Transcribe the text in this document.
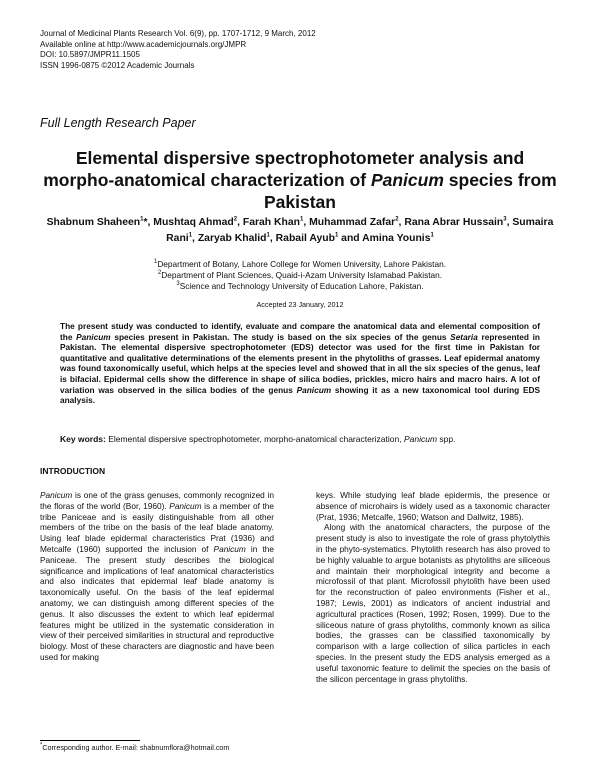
Journal of Medicinal Plants Research Vol. 6(9), pp. 1707-1712, 9 March, 2012
Available online at http://www.academicjournals.org/JMPR
DOI: 10.5897/JMPR11.1505
ISSN 1996-0875 ©2012 Academic Journals
Full Length Research Paper
Elemental dispersive spectrophotometer analysis and morpho-anatomical characterization of Panicum species from Pakistan
Shabnum Shaheen$^1$*, Mushtaq Ahmad$^2$, Farah Khan$^1$, Muhammad Zafar$^2$, Rana Abrar Hussain$^3$, Sumaira Rani$^1$, Zaryab Khalid$^1$, Rabail Ayub$^1$ and Amina Younis$^1$
$^1$Department of Botany, Lahore College for Women University, Lahore Pakistan.
$^2$Department of Plant Sciences, Quaid-i-Azam University Islamabad Pakistan.
$^3$Science and Technology University of Education Lahore, Pakistan.
Accepted 23 January, 2012
The present study was conducted to identify, evaluate and compare the anatomical data and elemental composition of the Panicum species present in Pakistan. The study is based on the six species of the genus Setaria represented in Pakistan. The elemental dispersive spectrophotometer (EDS) detector was used for the first time in Pakistan for quantitative and qualitative determinations of the elements present in the phytoliths of grasses. Leaf epidermal anatomy was found taxonomically useful, which helps at the species level and showed that in all the six species of the genus, leaf is bifacial. Epidermal cells show the difference in shape of silica bodies, prickles, micro hairs and macro hairs. A lot of variation was observed in the silica bodies of the genus Panicum showing it as a new taxonomical tool during EDS analysis.
Key words: Elemental dispersive spectrophotometer, morpho-anatomical characterization, Panicum spp.
INTRODUCTION

Panicum is one of the grass genuses, commonly recognized in the floras of the world (Bor, 1960). Panicum is a member of the tribe Paniceae and is easily distinguishable from all other members of the tribe on the basis of the leaf blade anatomy. Using leaf blade epidermal characteristics Prat (1936) and Metcalfe (1960) supported the inclusion of Panicum in the Paniceae. The present study describes the biological significance and implications of leaf anatomical characteristics and also indicates that epidermal leaf blade anatomy is taxonomically useful. On the basis of the leaf epidermal anatomy, we can distinguish among different species of the genus. It also discusses the extent to which leaf epidermal features might be utilized in the systematic consideration in view of their perceived similarities in structural and reproductive biology. Most of these characters are diagnostic and have been used for making

keys. While studying leaf blade epidermis, the presence or absence of microhairs is widely used as a taxonomic character (Prat, 1936; Metcalfe, 1960; Watson and Dallwitz, 1985).

Along with the anatomical characters, the purpose of the present study is also to investigate the role of grass phytolythis in the phyto-systematics. Phytolith research has also proved to be highly valuable to argue botanists as phytoliths are siliceous and maintain their morphological integrity and become a microfossil of that plant. Microfossil phytolith have been used for the reconstruction of paleo environments (Fisher et al., 1987; Lewis, 2001) as indicators of ancient industrial and agricultural practices (Rosen, 1992; Rosen, 1999). Due to the siliceous nature of grass phytoliths, commonly known as silica bodies, the grasses can be classified taxonomically by comparison with a large collection of silica particles in each species. In the present study the EDS analysis emerged as a useful taxonomic feature to delimit the species on the basis of the silicon percentage in grass phytoliths.

*Corresponding author. E-mail: shabnumflora@hotmail.com
